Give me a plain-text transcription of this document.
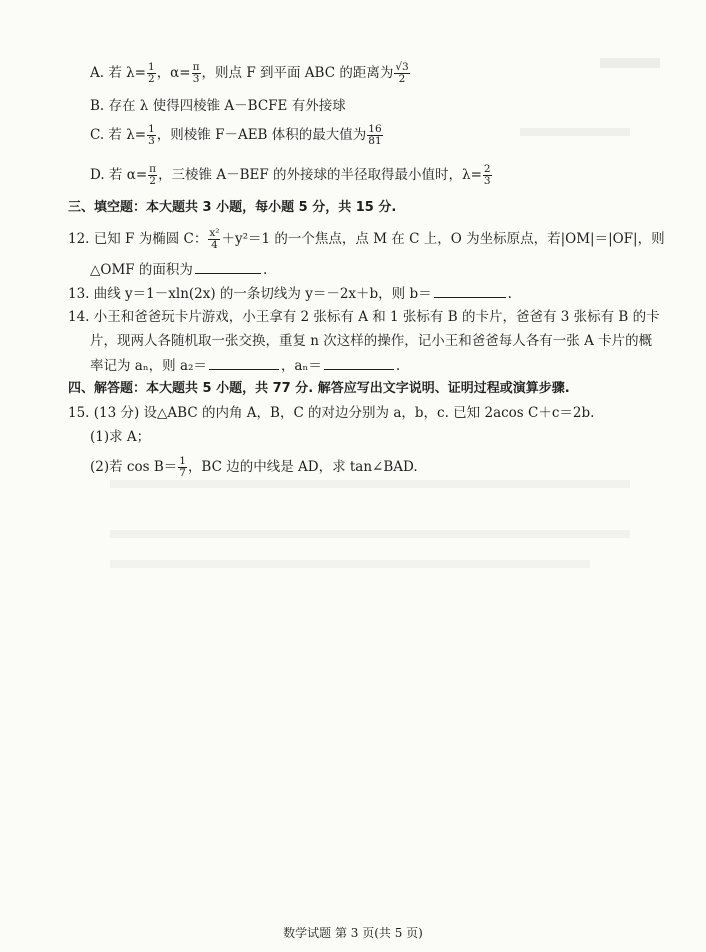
A. 若 $\lambda= \frac{1}{2}$ ，$\alpha= \frac{\pi}{3}$ ，则点 F 到平面 ABC 的距离为 $\frac{√3}{2}$
B. 存在 λ 使得四棱锥 A－BCFE 有外接球
C. 若 $\lambda= \frac{1}{3}$ ，则棱锥 F－AEB 体积的最大值为 $\frac{16}{81}$
D. 若 $\alpha= \frac{\pi}{2}$ ，三棱锥 A－BEF 的外接球的半径取得最小值时，$\lambda= \frac{2}{3}$
三、填空题：本大题共 3 小题，每小题 5 分，共 15 分.
12. 已知 F 为椭圆 C： $\frac{\text{x²}}{4} +y^2=1$ 的一个焦点，点 M 在 C 上，O 为坐标原点，若|OM|＝|OF|，则
△OMF 的面积为	.
13. 曲线 y＝1－xln(2x) 的一条切线为 y＝－2x＋b，则 b＝	.
14. 小王和爸爸玩卡片游戏，小王拿有 2 张标有 A 和 1 张标有 B 的卡片，爸爸有 3 张标有 B 的卡
片，现两人各随机取一张交换，重复 n 次这样的操作，记小王和爸爸每人各有一张 A 卡片的概
率记为 aₙ，则 a₂＝	，aₙ＝	.
四、解答题：本大题共 5 小题，共 77 分. 解答应写出文字说明、证明过程或演算步骤.
15. (13 分) 设△ABC 的内角 A，B，C 的对边分别为 a，b，c. 已知 2acos C＋c＝2b.
(1)求 A；
(2)若 $\cos B= \frac{1}{7}$ ，BC 边的中线是 AD，求 tan∠BAD.
数学试题 第 3 页(共 5 页)
